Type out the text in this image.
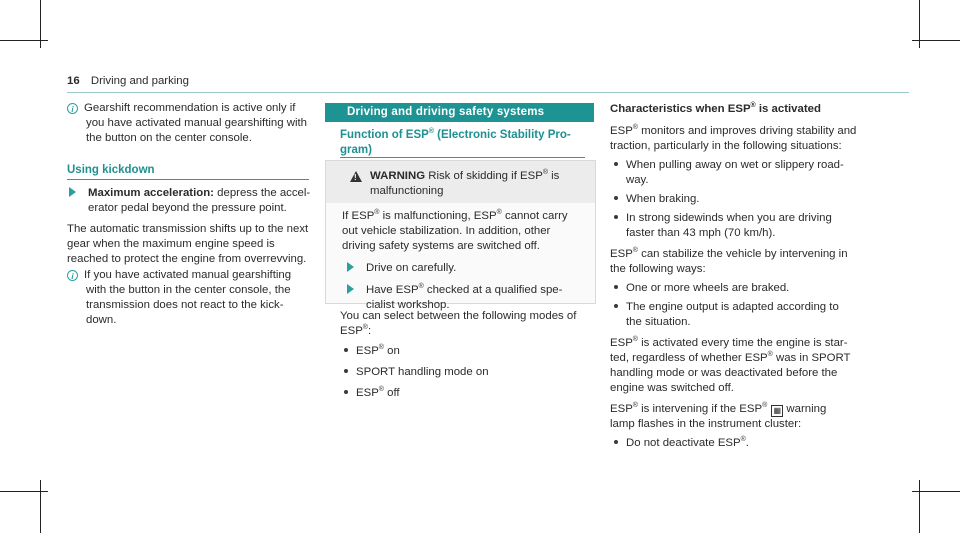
16 Driving and parking
i Gearshift recommendation is active only if
you have activated manual gearshifting with
the button on the center console.
Using kickdown
Maximum acceleration: depress the accel-
erator pedal beyond the pressure point.
The automatic transmission shifts up to the next
gear when the maximum engine speed is
reached to protect the engine from overrevving.
i If you have activated manual gearshifting
with the button in the center console, the
transmission does not react to the kick-
down.
Driving and driving safety systems
Function of ESP® (Electronic Stability Pro-
gram)
!
WARNING Risk of skidding if ESP® is
malfunctioning
If ESP® is malfunctioning, ESP® cannot carry
out vehicle stabilization. In addition, other
driving safety systems are switched off.
Drive on carefully.
Have ESP® checked at a qualified spe-
cialist workshop.
You can select between the following modes of
ESP®:
ESP® on
SPORT handling mode on
ESP® off
Characteristics when ESP® is activated
ESP® monitors and improves driving stability and
traction, particularly in the following situations:
When pulling away on wet or slippery road-
way.
When braking.
In strong sidewinds when you are driving
faster than 43 mph (70 km/h).
ESP® can stabilize the vehicle by intervening in
the following ways:
One or more wheels are braked.
The engine output is adapted according to
the situation.
ESP® is activated every time the engine is star-
ted, regardless of whether ESP® was in SPORT
handling mode or was deactivated before the
engine was switched off.
ESP® is intervening if the ESP®▦ warning
lamp flashes in the instrument cluster:
Do not deactivate ESP®.
